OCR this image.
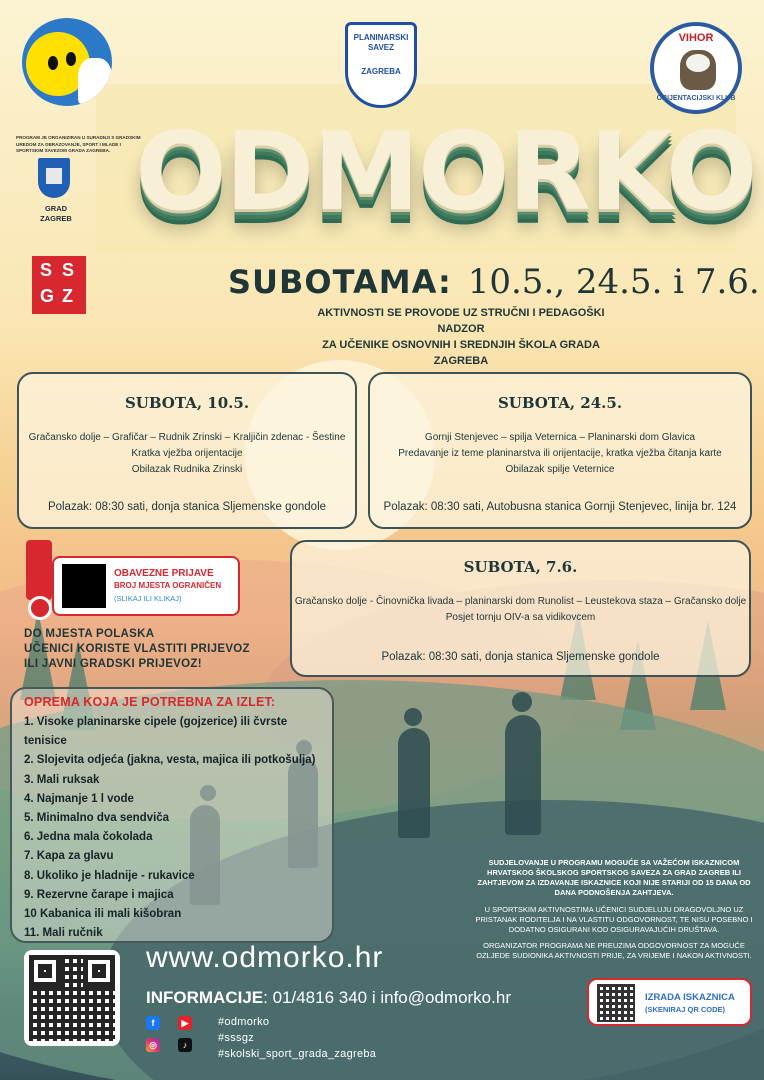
PLANINARSKI
SAVEZ
ZAGREBA
VIHOR
ORIJENTACIJSKI KLUB
PROGRAM JE ORGANIZIRAN U SURADNJI S GRADSKIM UREDOM ZA OBRAZOVANJE, SPORT I MLADE I SPORTSKIM SAVEZOM GRADA ZAGREBA.
GRAD ZAGREB
S S
G Z
ODMORKO
SUBOTAMA: 10.5., 24.5. i 7.6.
AKTIVNOSTI SE PROVODE UZ STRUČNI I PEDAGOŠKI NADZOR
ZA UČENIKE OSNOVNIH I SREDNJIH ŠKOLA GRADA ZAGREBA
SUBOTA, 10.5.
Gračansko dolje – Grafičar – Rudnik Zrinski – Kraljičin zdenac - Šestine
Kratka vježba orijentacije
Obilazak Rudnika Zrinski
Polazak: 08:30 sati, donja stanica Sljemenske gondole
SUBOTA, 24.5.
Gornji Stenjevec – spilja Veternica – Planinarski dom Glavica
Predavanje iz teme planinarstva ili orijentacije, kratka vježba čitanja karte
Obilazak spilje Veternice
Polazak: 08:30 sati, Autobusna stanica Gornji Stenjevec, linija br. 124
SUBOTA, 7.6.
Gračansko dolje - Činovnička livada – planinarski dom Runolist – Leustekova staza – Gračansko dolje
Posjet tornju OIV-a sa vidikovcem
Polazak: 08:30 sati, donja stanica Sljemenske gondole
OBAVEZNE PRIJAVE
BROJ MJESTA OGRANIČEN
(SLIKAJ ILI KLIKAJ)
DO MJESTA POLASKA
UČENICI KORISTE VLASTITI PRIJEVOZ
ILI JAVNI GRADSKI PRIJEVOZ!
OPREMA KOJA JE POTREBNA ZA IZLET:
1. Visoke planinarske cipele (gojzerice) ili čvrste tenisice
2. Slojevita odjeća (jakna, vesta, majica ili potkošulja)
3. Mali ruksak
4. Najmanje 1 l vode
5. Minimalno dva sendviča
6. Jedna mala čokolada
7. Kapa za glavu
8. Ukoliko je hladnije - rukavice
9. Rezervne čarape i majica
10 Kabanica ili mali kišobran
11. Mali ručnik
SUDJELOVANJE U PROGRAMU MOGUĆE SA VAŽEĆOM ISKAZNICOM HRVATSKOG ŠKOLSKOG SPORTSKOG SAVEZA ZA GRAD ZAGREB ILI ZAHTJEVOM ZA IZDAVANJE ISKAZNICE KOJI NIJE STARIJI OD 15 DANA OD DANA PODNOŠENJA ZAHTJEVA.
U SPORTSKIM AKTIVNOSTIMA UČENICI SUDJELUJU DRAGOVOLJNO UZ PRISTANAK RODITELJA I NA VLASTITU ODGOVORNOST, TE NISU POSEBNO I DODATNO OSIGURANI KOD OSIGURAVAJUĆIH DRUŠTAVA.
ORGANIZATOR PROGRAMA NE PREUZIMA ODGOVORNOST ZA MOGUĆE OZLJEDE SUDIONIKA AKTIVNOSTI PRIJE, ZA VRIJEME I NAKON AKTIVNOSTI.
www.odmorko.hr
INFORMACIJE: 01/4816 340 i info@odmorko.hr
f	▶
◎	♪
#odmorko
#sssgz
#skolski_sport_grada_zagreba
IZRADA ISKAZNICA
(SKENIRAJ QR CODE)
